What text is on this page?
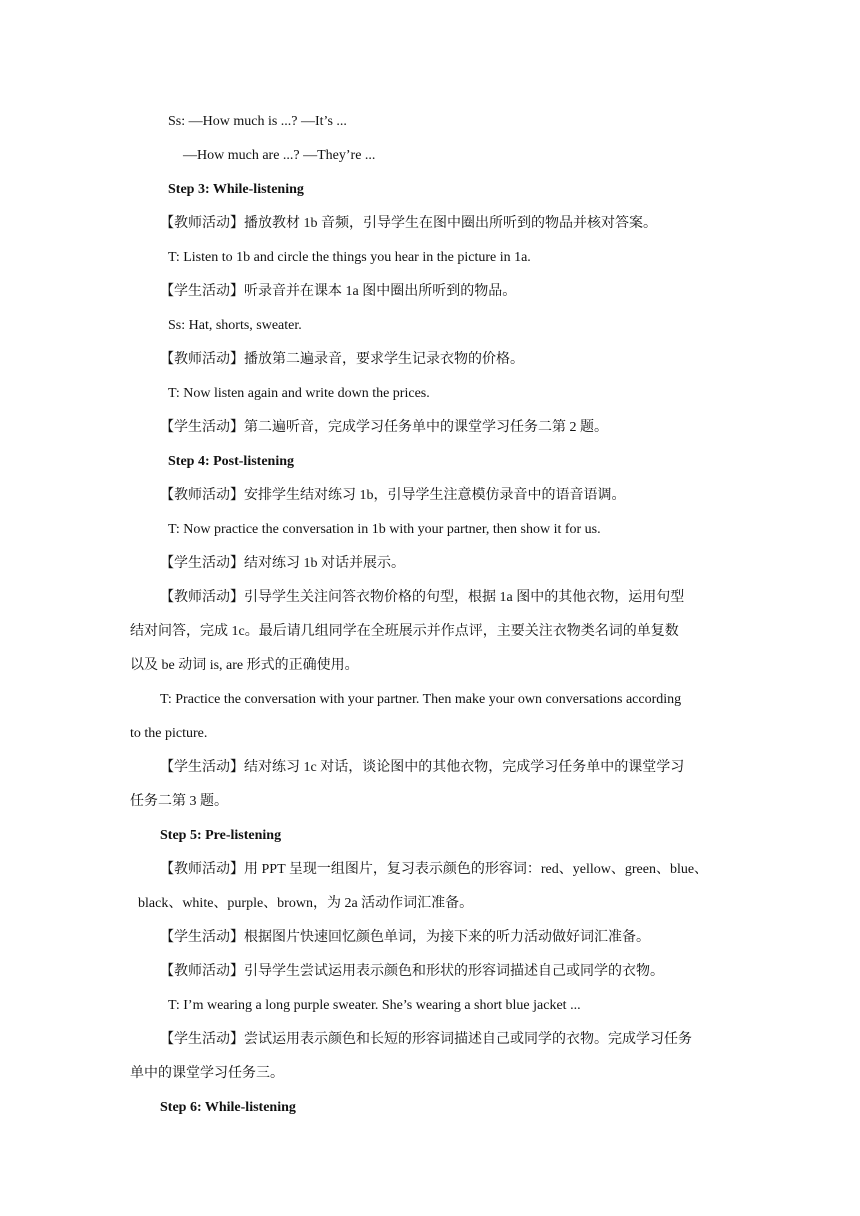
Ss: —How much is ...? —It’s ...
—How much are ...? —They’re ...
Step 3: While-listening
【教师活动】播放教材 1b 音频，引导学生在图中圈出所听到的物品并核对答案。
T: Listen to 1b and circle the things you hear in the picture in 1a.
【学生活动】听录音并在课本 1a 图中圈出所听到的物品。
Ss: Hat, shorts, sweater.
【教师活动】播放第二遍录音，要求学生记录衣物的价格。
T: Now listen again and write down the prices.
【学生活动】第二遍听音，完成学习任务单中的课堂学习任务二第 2 题。
Step 4: Post-listening
【教师活动】安排学生结对练习 1b，引导学生注意模仿录音中的语音语调。
T: Now practice the conversation in 1b with your partner, then show it for us.
【学生活动】结对练习 1b 对话并展示。
【教师活动】引导学生关注问答衣物价格的句型，根据 1a 图中的其他衣物，运用句型
结对问答，完成 1c。最后请几组同学在全班展示并作点评，主要关注衣物类名词的单复数
以及 be 动词 is, are 形式的正确使用。
T: Practice the conversation with your partner. Then make your own conversations according
to the picture.
【学生活动】结对练习 1c 对话，谈论图中的其他衣物，完成学习任务单中的课堂学习
任务二第 3 题。
Step 5: Pre-listening
【教师活动】用 PPT 呈现一组图片，复习表示颜色的形容词：red、yellow、green、blue、
black、white、purple、brown，为 2a 活动作词汇准备。
【学生活动】根据图片快速回忆颜色单词，为接下来的听力活动做好词汇准备。
【教师活动】引导学生尝试运用表示颜色和形状的形容词描述自己或同学的衣物。
T: I’m wearing a long purple sweater. She’s wearing a short blue jacket ...
【学生活动】尝试运用表示颜色和长短的形容词描述自己或同学的衣物。完成学习任务
单中的课堂学习任务三。
Step 6: While-listening
